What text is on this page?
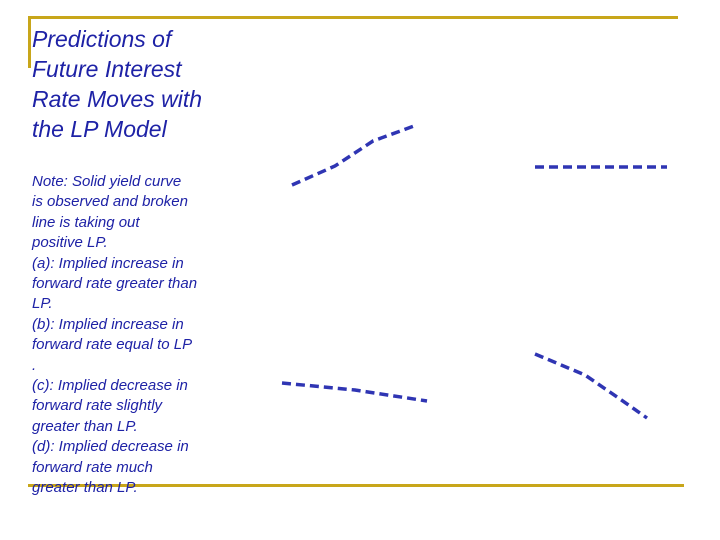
Predictions of
Future Interest
Rate Moves with
the LP Model

Note: Solid yield curve
is observed and broken
line is taking out
positive LP.
(a): Implied increase in
forward rate greater than
LP.
(b): Implied increase in
forward rate equal to LP
.
(c): Implied decrease in
forward rate slightly
greater than LP.
(d): Implied decrease in
forward rate much
greater than LP.
